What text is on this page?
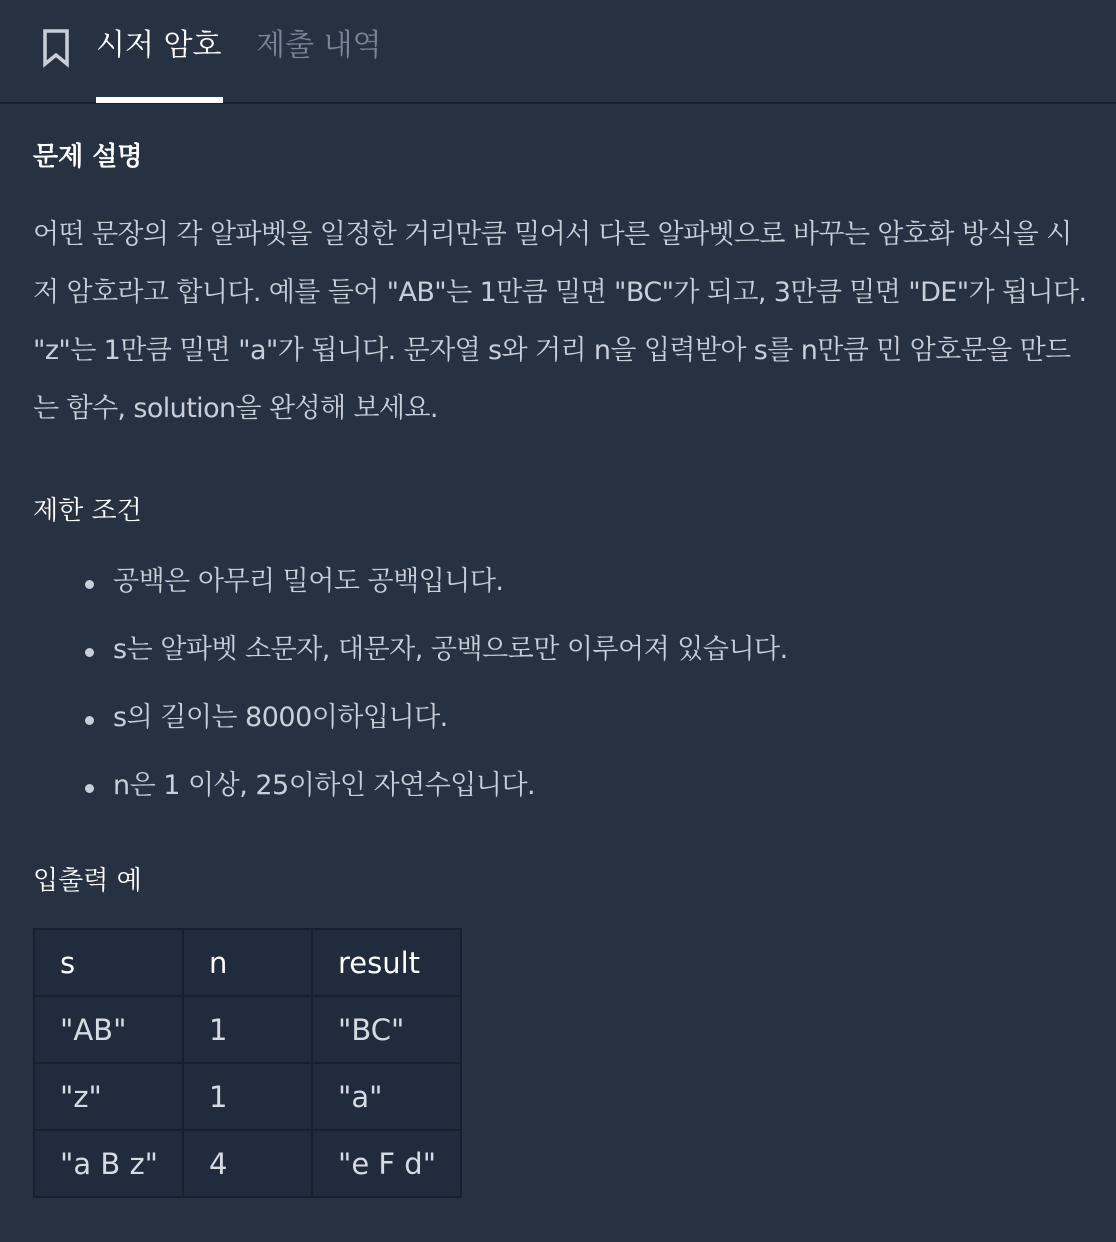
시저 암호 제출 내역
문제 설명

어떤 문장의 각 알파벳을 일정한 거리만큼 밀어서 다른 알파벳으로 바꾸는 암호화 방식을 시저 암호라고 합니다. 예를 들어 "AB"는 1만큼 밀면 "BC"가 되고, 3만큼 밀면 "DE"가 됩니다. "z"는 1만큼 밀면 "a"가 됩니다. 문자열 s와 거리 n을 입력받아 s를 n만큼 민 암호문을 만드는 함수, solution을 완성해 보세요.

제한 조건
공백은 아무리 밀어도 공백입니다.
s는 알파벳 소문자, 대문자, 공백으로만 이루어져 있습니다.
s의 길이는 8000이하입니다.
n은 1 이상, 25이하인 자연수입니다.
입출력 예
s	n	result
"AB"	1	"BC"
"z"	1	"a"
"a B z"	4	"e F d"
